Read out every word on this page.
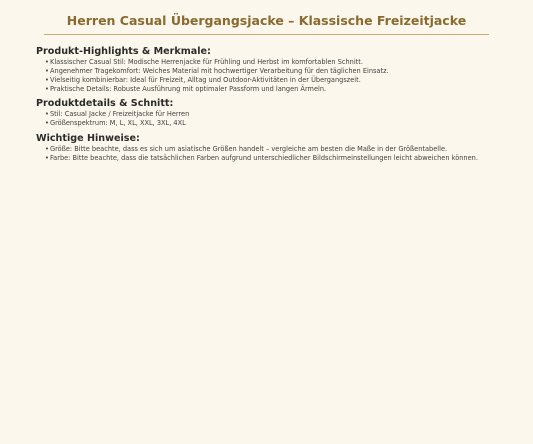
Herren Casual Übergangsjacke – Klassische Freizeitjacke
Produkt-Highlights & Merkmale:
• Klassischer Casual Stil: Modische Herrenjacke für Frühling und Herbst im komfortablen Schnitt.
• Angenehmer Tragekomfort: Weiches Material mit hochwertiger Verarbeitung für den täglichen Einsatz.
• Vielseitig kombinierbar: Ideal für Freizeit, Alltag und Outdoor-Aktivitäten in der Übergangszeit.
• Praktische Details: Robuste Ausführung mit optimaler Passform und langen Ärmeln.
Produktdetails & Schnitt:
• Stil: Casual Jacke / Freizeitjacke für Herren
• Größenspektrum: M, L, XL, XXL, 3XL, 4XL
Wichtige Hinweise:
• Größe: Bitte beachte, dass es sich um asiatische Größen handelt – vergleiche am besten die Maße in der Größentabelle.
• Farbe: Bitte beachte, dass die tatsächlichen Farben aufgrund unterschiedlicher Bildschirmeinstellungen leicht abweichen können.
